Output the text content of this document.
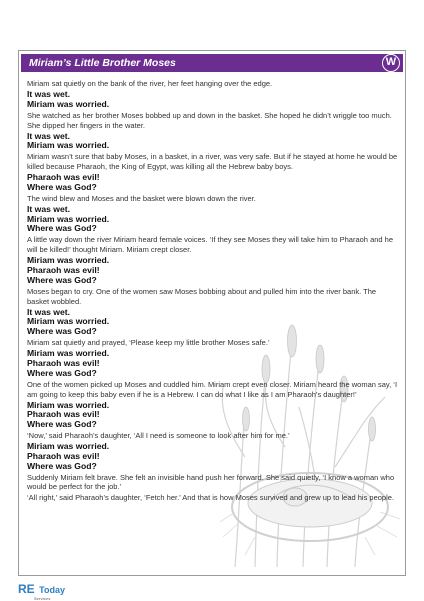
Miriam’s Little Brother Moses	W

Miriam sat quietly on the bank of the river, her feet hanging over the edge.

It was wet.
Miriam was worried.

She watched as her brother Moses bobbed up and down in the basket. She hoped he didn’t wriggle too much. She dipped her fingers in the water.

It was wet.
Miriam was worried.

Miriam wasn’t sure that baby Moses, in a basket, in a river, was very safe. But if he stayed at home he would be killed because Pharaoh, the King of Egypt, was killing all the Hebrew baby boys.

Pharaoh was evil!
Where was God?

The wind blew and Moses and the basket were blown down the river.

It was wet.
Miriam was worried.
Where was God?

A little way down the river Miriam heard female voices. ‘If they see Moses they will take him to Pharaoh and he will be killed!’ thought Miriam. Miriam crept closer.

Miriam was worried.
Pharaoh was evil!
Where was God?

Moses began to cry. One of the women saw Moses bobbing about and pulled him into the river bank. The basket wobbled.

It was wet.
Miriam was worried.
Where was God?

Miriam sat quietly and prayed, ‘Please keep my little brother Moses safe.’

Miriam was worried.
Pharaoh was evil!
Where was God?

One of the women picked up Moses and cuddled him. Miriam crept even closer. Miriam heard the woman say, ‘I am going to keep this baby even if he is a Hebrew. I can do what I like as I am Pharaoh’s daughter!’

Miriam was worried.
Pharaoh was evil!
Where was God?

‘Now,’ said Pharaoh’s daughter, ‘All I need is someone to look after him for me.’

Miriam was worried.
Pharaoh was evil!
Where was God?

Suddenly Miriam felt brave. She felt an invisible hand push her forward. She said quietly, ‘I know a woman who would be perfect for the job.’

‘All right,’ said Pharaoh’s daughter, ‘Fetch her.’ And that is how Moses survived and grew up to lead his people.

RE Today
Services
